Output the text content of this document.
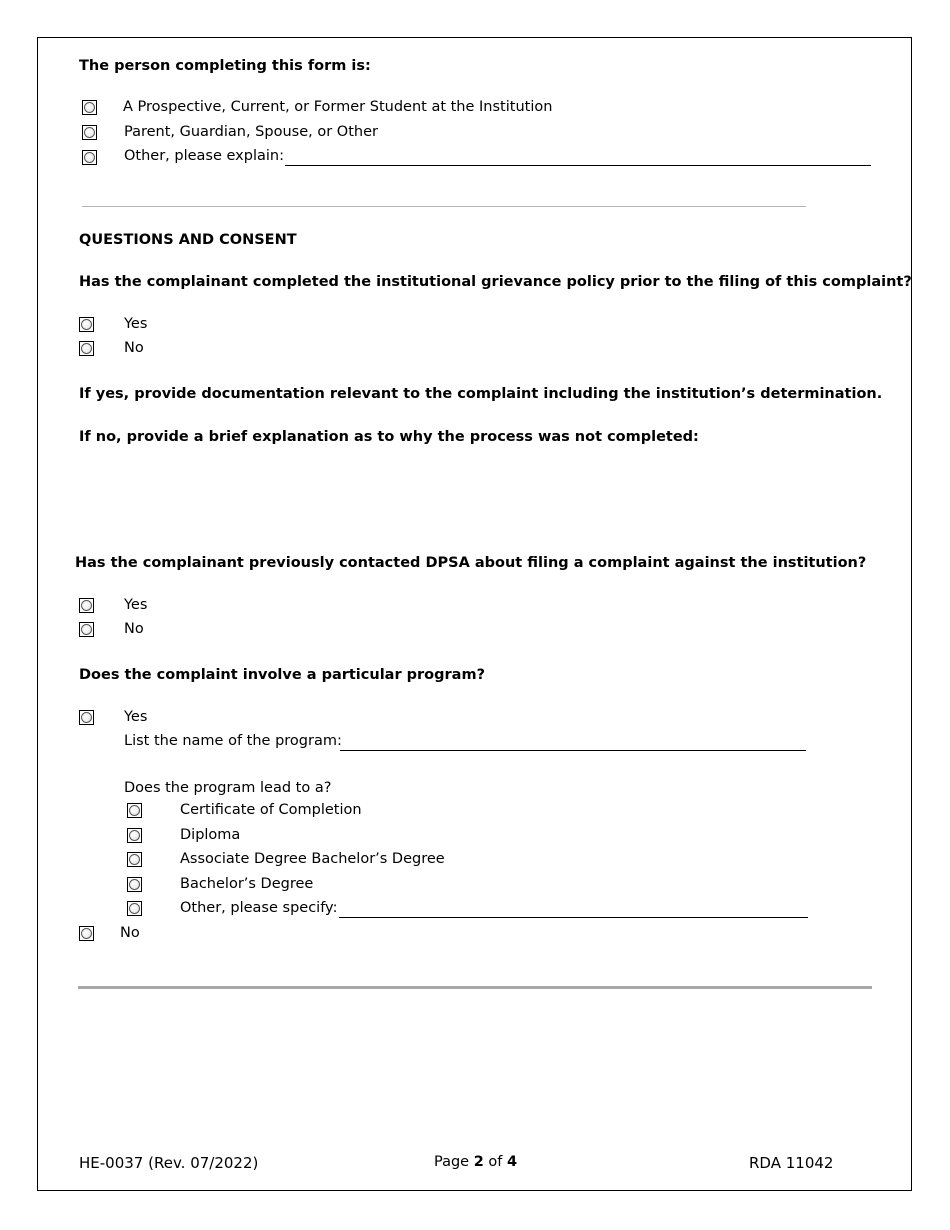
The person completing this form is:
A Prospective, Current, or Former Student at the Institution
Parent, Guardian, Spouse, or Other
Other, please explain:
QUESTIONS AND CONSENT
Has the complainant completed the institutional grievance policy prior to the filing of this complaint?
Yes
No
If yes, provide documentation relevant to the complaint including the institution’s determination.
If no, provide a brief explanation as to why the process was not completed:
Has the complainant previously contacted DPSA about filing a complaint against the institution?
Yes
No
Does the complaint involve a particular program?
Yes
List the name of the program:
Does the program lead to a?
Certificate of Completion
Diploma
Associate Degree Bachelor’s Degree
Bachelor’s Degree
Other, please specify:
No
HE-0037 (Rev. 07/2022)	Page 2 of 4	RDA 11042
